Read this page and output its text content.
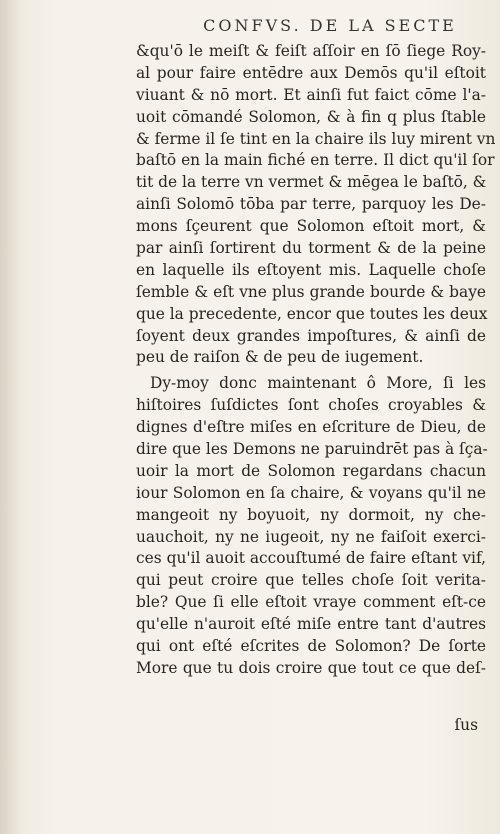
CONFVS. DE LA SECTE
&qu'ō le meiſt & feiſt aſſoir en ſō ſiege Roy-
al pour faire entēdre aux Demōs qu'il eſtoit
viuant & nō mort. Et ainſi fut faict cōme l'a-
uoit cōmandé Solomon, & à fin q plus ſtable
& ferme il ſe tint en la chaire ils luy mirent vn
baſtō en la main fiché en terre. Il dict qu'il ſor
tit de la terre vn vermet & mēgea le baſtō, &
ainſi Solomō tōba par terre, parquoy les De-
mons ſçeurent que Solomon eſtoit mort, &
par ainſi ſortirent du torment & de la peine
en laquelle ils eſtoyent mis. Laquelle choſe
ſemble & eſt vne plus grande bourde & baye
que la precedente, encor que toutes les deux
ſoyent deux grandes impoſtures, & ainſi de
peu de raiſon & de peu de iugement.
Dy-moy donc maintenant ô More, ſi les
hiſtoires ſuſdictes ſont choſes croyables &
dignes d'eſtre miſes en eſcriture de Dieu, de
dire que les Demons ne paruindrēt pas à ſça-
uoir la mort de Solomon regardans chacun
iour Solomon en ſa chaire, & voyans qu'il ne
mangeoit ny boyuoit, ny dormoit, ny che-
uauchoit, ny ne iugeoit, ny ne faiſoit exerci-
ces qu'il auoit accouſtumé de faire eſtant vif,
qui peut croire que telles choſe ſoit verita-
ble? Que ſi elle eſtoit vraye comment eſt-ce
qu'elle n'auroit eſté miſe entre tant d'autres
qui ont eſté eſcrites de Solomon? De ſorte
More que tu dois croire que tout ce que deſ-
ſus
